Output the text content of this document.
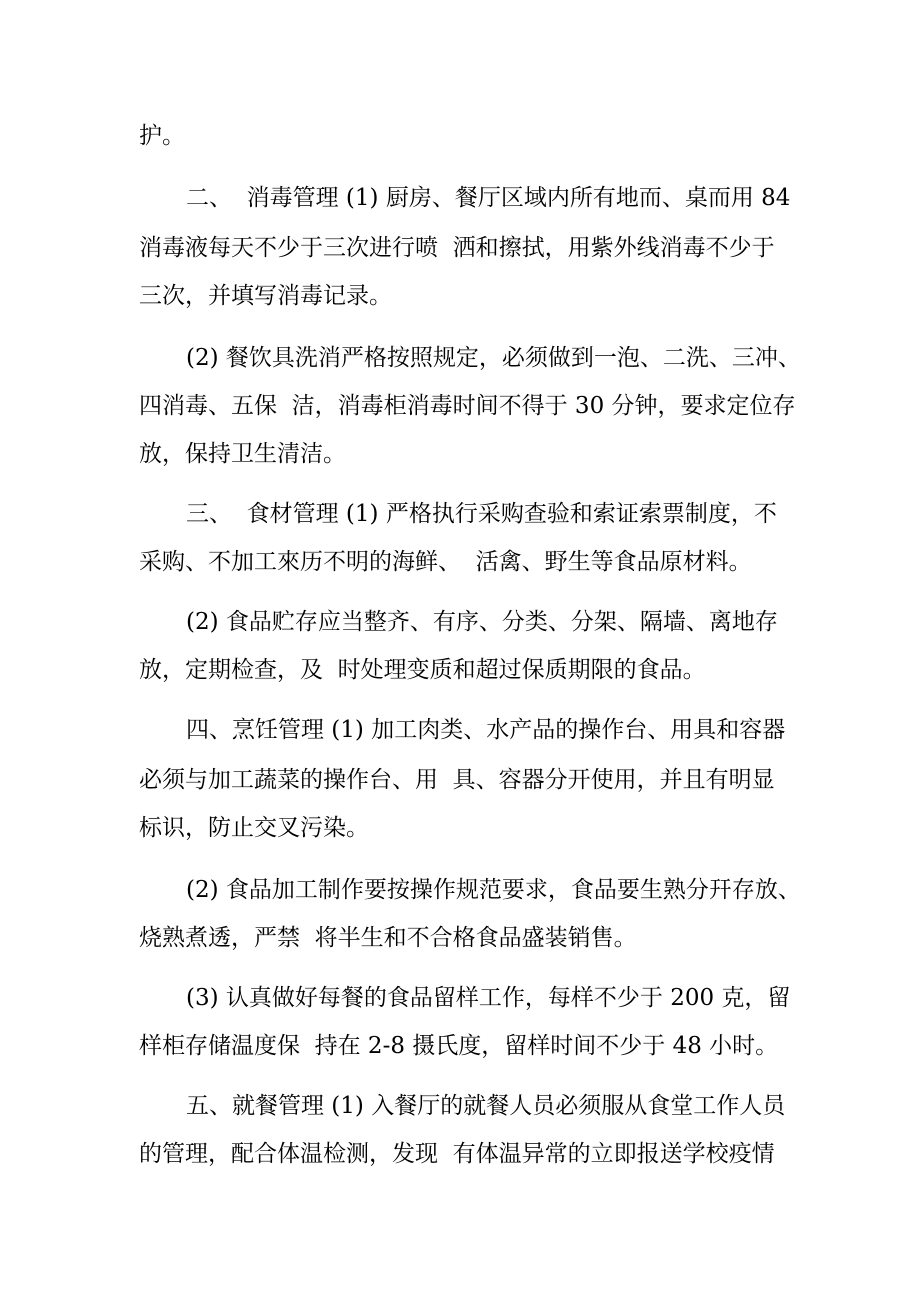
护。
二、  消毒管理 (1) 厨房、餐厅区域内所有地而、桌而用 84
消毒液每天不少于三次进行喷  洒和擦拭，用紫外线消毒不少于
三次，并填写消毒记录。
(2) 餐饮具洗消严格按照规定，必须做到一泡、二洗、三冲、
四消毒、五保  洁，消毒柜消毒时间不得于 30 分钟，要求定位存
放，保持卫生清洁。
三、  食材管理 (1) 严格执行采购查验和索证索票制度，不
采购、不加工來历不明的海鲜、  活禽、野生等食品原材料。
(2) 食品贮存应当整齐、有序、分类、分架、隔墙、离地存
放，定期检查，及  时处理变质和超过保质期限的食品。
四、烹饪管理 (1) 加工肉类、水产品的操作台、用具和容器
必须与加工蔬菜的操作台、用  具、容器分开使用，并且有明显
标识，防止交叉污染。
(2) 食品加工制作要按操作规范要求，食品要生熟分幵存放、
烧熟煮透，严禁  将半生和不合格食品盛装销售。
(3) 认真做好每餐的食品留样工作，每样不少于 200 克，留
样柜存储温度保  持在 2-8 摄氏度，留样时间不少于 48 小时。
五、就餐管理 (1) 入餐厅的就餐人员必须服从食堂工作人员
的管理，配合体温检测，发现  有体温异常的立即报送学校疫情
